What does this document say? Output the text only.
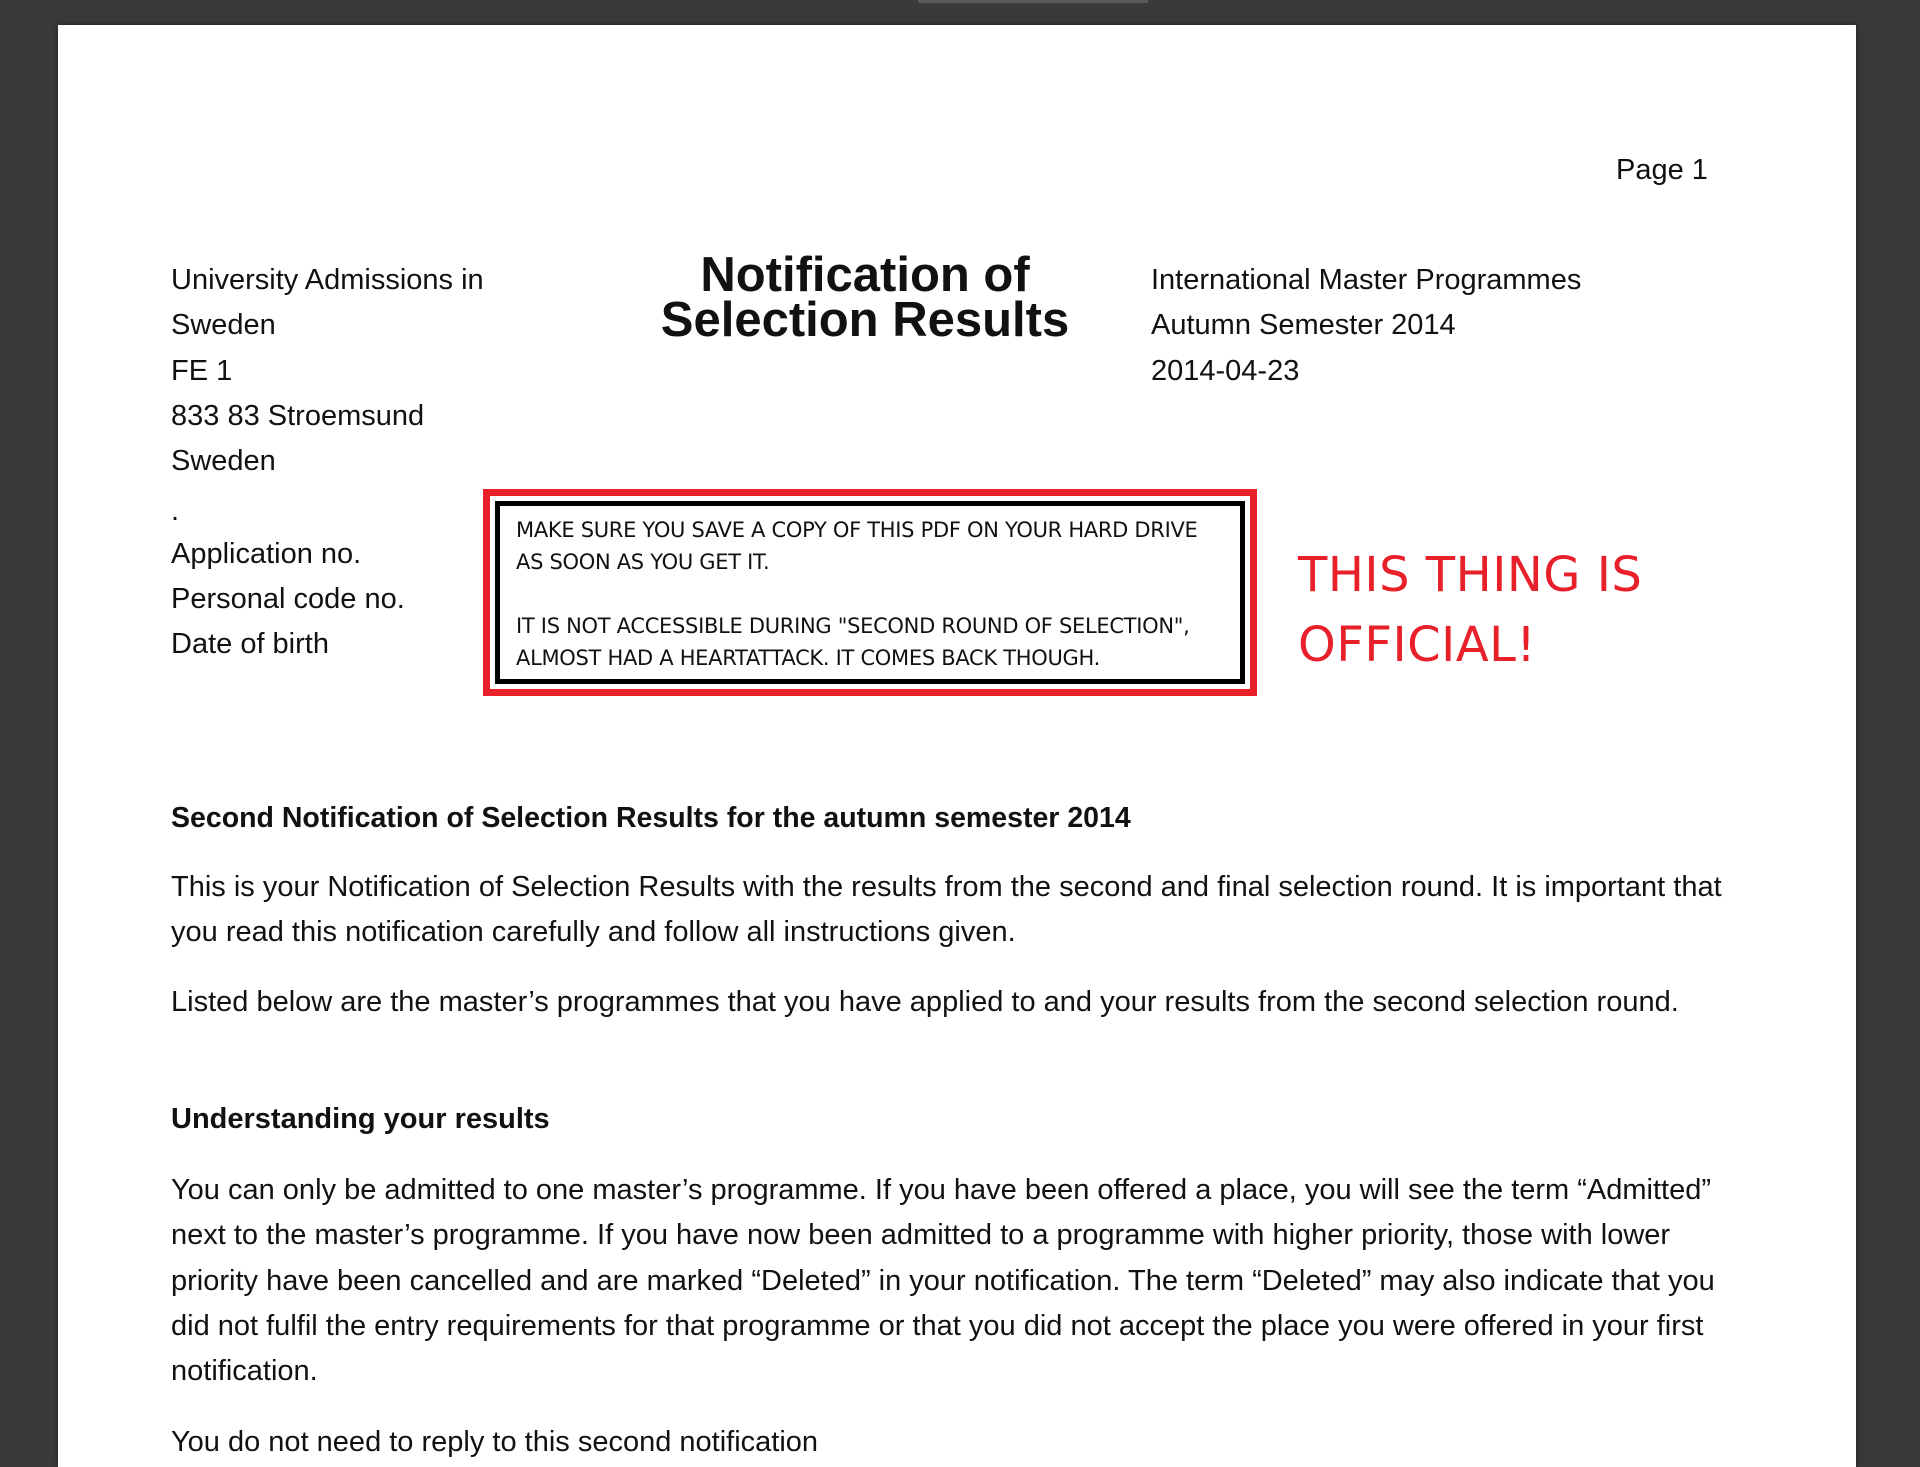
Page 1
University Admissions in
Sweden
FE 1
833 83 Stroemsund
Sweden
.
Notification of
Selection Results
International Master Programmes
Autumn Semester 2014
2014-04-23
Application no.
Personal code no.
Date of birth

MAKE SURE YOU SAVE A COPY OF THIS PDF ON YOUR HARD DRIVE AS SOON AS YOU GET IT.

IT IS NOT ACCESSIBLE DURING "SECOND ROUND OF SELECTION", ALMOST HAD A HEARTATTACK. IT COMES BACK THOUGH.

THIS THING IS
OFFICIAL!
Second Notification of Selection Results for the autumn semester 2014
This is your Notification of Selection Results with the results from the second and final selection round. It is important that you read this notification carefully and follow all instructions given.
Listed below are the master’s programmes that you have applied to and your results from the second selection round.
Understanding your results
You can only be admitted to one master’s programme. If you have been offered a place, you will see the term “Admitted” next to the master’s programme. If you have now been admitted to a programme with higher priority, those with lower priority have been cancelled and are marked “Deleted” in your notification. The term “Deleted” may also indicate that you did not fulfil the entry requirements for that programme or that you did not accept the place you were offered in your first notification.
You do not need to reply to this second notification
